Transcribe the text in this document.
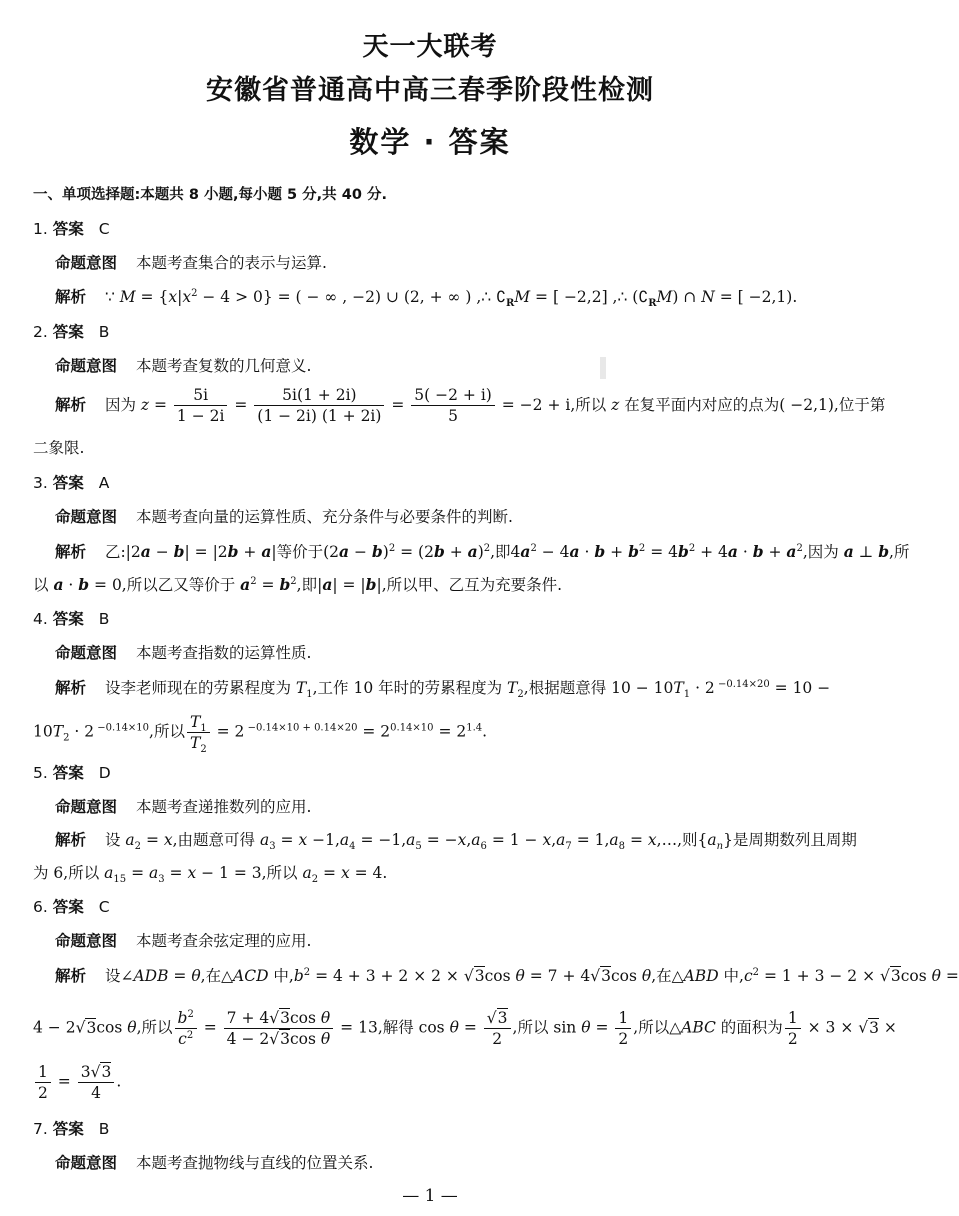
天一大联考
安徽省普通高中高三春季阶段性检测
数学 · 答案
一、单项选择题:本题共 8 小题,每小题 5 分,共 40 分.
1. 答案 C
命题意图 本题考查集合的表示与运算.
解析 ∵ $M = \{x|x^2 - 4 > 0\}$ = ( − ∞ , −2) ∪ (2, + ∞ ) ,∴ $∁_RM$ = [ −2,2] ,∴ $(∁_RM)$ ∩ N = [ −2,1).
2. 答案 B
命题意图 本题考查复数的几何意义.
解析 因为 $z = \frac{5i}{1 - 2i} = \frac{5i(1 + 2i)}{(1 - 2i) (1 + 2i)} = \frac{5( -2 + i)}{5} = -2 + i$,所以 z 在复平面内对应的点为( −2,1),位于第
二象限.
3. 答案 A
命题意图 本题考查向量的运算性质、充分条件与必要条件的判断.
解析 乙:|2a − b| = |2b + a|等价于$(2a - b)^2 = (2b + a)^2$,即$4a^2 - 4a \cdot b + b^2 = 4b^2 + 4a \cdot b + a^2$,因为 a ⊥ b,所
以 a · b = 0,所以乙又等价于 $a^2 = b^2$,即|a| = |b|,所以甲、乙互为充要条件.
4. 答案 B
命题意图 本题考查指数的运算性质.
解析 设李老师现在的劳累程度为 $T_1$,工作 10 年时的劳累程度为 $T_2$,根据题意得 $10 - 10T_1 \cdot 2$ $^{-0.14\times 20}$ = 10 −
$10T_2 \cdot 2$ $^{-0.14\times 10}$,所以 $\frac{T_1}{T_2} = 2$ $^{-0.14\times 10 + 0.14\times 20} = 2^{0.14\times 10} = 2^{1.4}$.
5. 答案 D
命题意图 本题考查递推数列的应用.
解析 设 $a_2 = x$,由题意可得 $a_3 = x -1,a_4 = -1,a_5 = -x,a_6 = 1 - x,a_7 = 1,a_8$ = x,…,则$\{a_n\}$是周期数列且周期
为 6,所以 $a_{15} = a_3 = x - 1 = 3$,所以 $a_2 = x = 4$.
6. 答案 C
命题意图 本题考查余弦定理的应用.
解析 设∠ADB = θ,在△ACD 中$,b^2 = 4 + 3 + 2 \times 2 \times √3\cos$ θ = 7 + 4√3cos θ,在△ABD 中$,c^2 = 1 + 3 - 2 \times √3\cos$ θ =
4 − 2√3cos θ,所以 $\frac{b^2}{c^2} = \frac{\text{7 + 4√3cos θ}}{\text{4 − 2√3cos θ}} = 13$,解得 $\cos \theta = \frac{√3}{2}$ ,所以 $\sin \theta = \frac{1}{2}$ ,所以△ABC 的面积为 $\frac{1}{2} \times 3 \times √3$ ×
$\frac{1}{2} = \frac{3√3}{4}$ .
7. 答案 B
命题意图 本题考查抛物线与直线的位置关系.
— 1 —
